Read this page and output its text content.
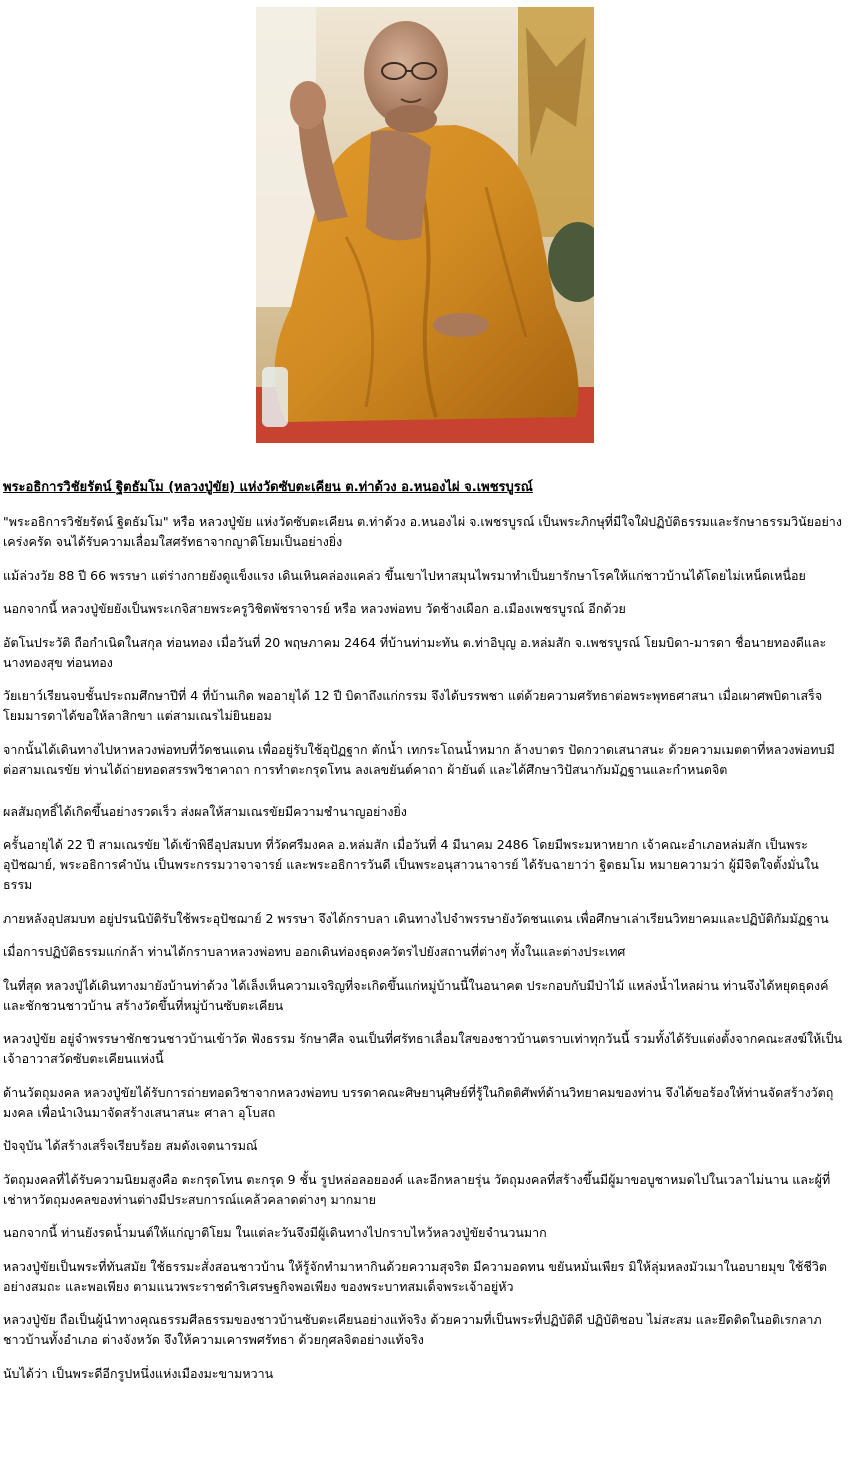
พระอธิการวิชัยรัตน์ ฐิตธัมโม (หลวงปู่ขัย) แห่งวัดซับตะเคียน ต.ท่าด้วง อ.หนองไผ่ จ.เพชรบูรณ์

"พระอธิการวิชัยรัตน์ ฐิตธัมโม" หรือ หลวงปู่ขัย แห่งวัดซับตะเคียน ต.ท่าด้วง อ.หนองไผ่ จ.เพชรบูรณ์ เป็นพระภิกษุที่มีใจใฝ่ปฏิบัติธรรมและรักษาธรรมวินัยอย่างเคร่งครัด จนได้รับความเลื่อมใสศรัทธาจากญาติโยมเป็นอย่างยิ่ง

แม้ล่วงวัย 88 ปี 66 พรรษา แต่ร่างกายยังดูแข็งแรง เดินเหินคล่องแคล่ว ขึ้นเขาไปหาสมุนไพรมาทำเป็นยารักษาโรคให้แก่ชาวบ้านได้โดยไม่เหน็ดเหนื่อย

นอกจากนี้ หลวงปู่ขัยยังเป็นพระเกจิสายพระครูวิชิตพัชราจารย์ หรือ หลวงพ่อทบ วัดช้างเผือก อ.เมืองเพชรบูรณ์ อีกด้วย

อัตโนประวัติ ถือกำเนิดในสกุล ท่อนทอง เมื่อวันที่ 20 พฤษภาคม 2464 ที่บ้านท่ามะทัน ต.ท่าอิบุญ อ.หล่มสัก จ.เพชรบูรณ์ โยมบิดา-มารดา ชื่อนายทองดีและนางทองสุข ท่อนทอง

วัยเยาว์เรียนจบชั้นประถมศึกษาปีที่ 4 ที่บ้านเกิด พออายุได้ 12 ปี บิดาถึงแก่กรรม จึงได้บรรพชา แต่ด้วยความศรัทธาต่อพระพุทธศาสนา เมื่อเผาศพบิดาเสร็จ โยมมารดาได้ขอให้ลาสิกขา แต่สามเณรไม่ยินยอม

จากนั้นได้เดินทางไปหาหลวงพ่อทบที่วัดชนแดน เพื่ออยู่รับใช้อุปัฏฐาก ตักน้ำ เทกระโถนน้ำหมาก ล้างบาตร ปัดกวาดเสนาสนะ ด้วยความเมตตาที่หลวงพ่อทบมีต่อสามเณรขัย ท่านได้ถ่ายทอดสรรพวิชาคาถา การทำตะกรุดโทน ลงเลขยันต์คาถา ผ้ายันต์ และได้ศึกษาวิปัสนากัมมัฏฐานและกำหนดจิต

ผลสัมฤทธิ์ได้เกิดขึ้นอย่างรวดเร็ว ส่งผลให้สามเณรขัยมีความชำนาญอย่างยิ่ง

ครั้นอายุได้ 22 ปี สามเณรขัย ได้เข้าพิธีอุปสมบท ที่วัดศรีมงคล อ.หล่มสัก เมื่อวันที่ 4 มีนาคม 2486 โดยมีพระมหาหยาก เจ้าคณะอำเภอหล่มสัก เป็นพระอุปัชฌาย์, พระอธิการคำบัน เป็นพระกรรมวาจาจารย์ และพระอธิการวันดี เป็นพระอนุสาวนาจารย์ ได้รับฉายาว่า ฐิตธมโม หมายความว่า ผู้มีจิตใจตั้งมั่นในธรรม

ภายหลังอุปสมบท อยู่ปรนนิบัติรับใช้พระอุปัชฌาย์ 2 พรรษา จึงได้กราบลา เดินทางไปจำพรรษายังวัดชนแดน เพื่อศึกษาเล่าเรียนวิทยาคมและปฏิบัติกัมมัฏฐาน

เมื่อการปฏิบัติธรรมแก่กล้า ท่านได้กราบลาหลวงพ่อทบ ออกเดินท่องธุดงควัตรไปยังสถานที่ต่างๆ ทั้งในและต่างประเทศ

ในที่สุด หลวงปู่ได้เดินทางมายังบ้านท่าด้วง ได้เล็งเห็นความเจริญที่จะเกิดขึ้นแก่หมู่บ้านนี้ในอนาคต ประกอบกับมีป่าไม้ แหล่งน้ำไหลผ่าน ท่านจึงได้หยุดธุดงค์ และชักชวนชาวบ้าน สร้างวัดขึ้นที่หมู่บ้านซับตะเคียน

หลวงปู่ขัย อยู่จำพรรษาชักชวนชาวบ้านเข้าวัด ฟังธรรม รักษาศีล จนเป็นที่ศรัทธาเลื่อมใสของชาวบ้านตราบเท่าทุกวันนี้ รวมทั้งได้รับแต่งตั้งจากคณะสงฆ์ให้เป็นเจ้าอาวาสวัดซับตะเคียนแห่งนี้

ด้านวัตถุมงคล หลวงปู่ขัยได้รับการถ่ายทอดวิชาจากหลวงพ่อทบ บรรดาคณะศิษยานุศิษย์ที่รู้ในกิตติศัพท์ด้านวิทยาคมของท่าน จึงได้ขอร้องให้ท่านจัดสร้างวัตถุมงคล เพื่อนำเงินมาจัดสร้างเสนาสนะ ศาลา อุโบสถ

ปัจจุบัน ได้สร้างเสร็จเรียบร้อย สมดังเจตนารมณ์

วัตถุมงคลที่ได้รับความนิยมสูงคือ ตะกรุดโทน ตะกรุด 9 ชั้น รูปหล่อลอยองค์ และอีกหลายรุ่น วัตถุมงคลที่สร้างขึ้นมีผู้มาขอบูชาหมดไปในเวลาไม่นาน และผู้ที่เช่าหาวัตถุมงคลของท่านต่างมีประสบการณ์แคล้วคลาดต่างๆ มากมาย

นอกจากนี้ ท่านยังรดน้ำมนต์ให้แก่ญาติโยม ในแต่ละวันจึงมีผู้เดินทางไปกราบไหว้หลวงปู่ขัยจำนวนมาก

หลวงปู่ขัยเป็นพระที่ทันสมัย ใช้ธรรมะสั่งสอนชาวบ้าน ให้รู้จักทำมาหากินด้วยความสุจริต มีความอดทน ขยันหมั่นเพียร มิให้ลุ่มหลงมัวเมาในอบายมุข ใช้ชีวิตอย่างสมถะ และพอเพียง ตามแนวพระราชดำริเศรษฐกิจพอเพียง ของพระบาทสมเด็จพระเจ้าอยู่หัว

หลวงปู่ขัย ถือเป็นผู้นำทางคุณธรรมศีลธรรมของชาวบ้านซับตะเคียนอย่างแท้จริง ด้วยความที่เป็นพระที่ปฏิบัติดี ปฏิบัติชอบ ไม่สะสม และยึดติดในอติเรกลาภ ชาวบ้านทั้งอำเภอ ต่างจังหวัด จึงให้ความเคารพศรัทธา ด้วยกุศลจิตอย่างแท้จริง

นับได้ว่า เป็นพระดีอีกรูปหนึ่งแห่งเมืองมะขามหวาน
